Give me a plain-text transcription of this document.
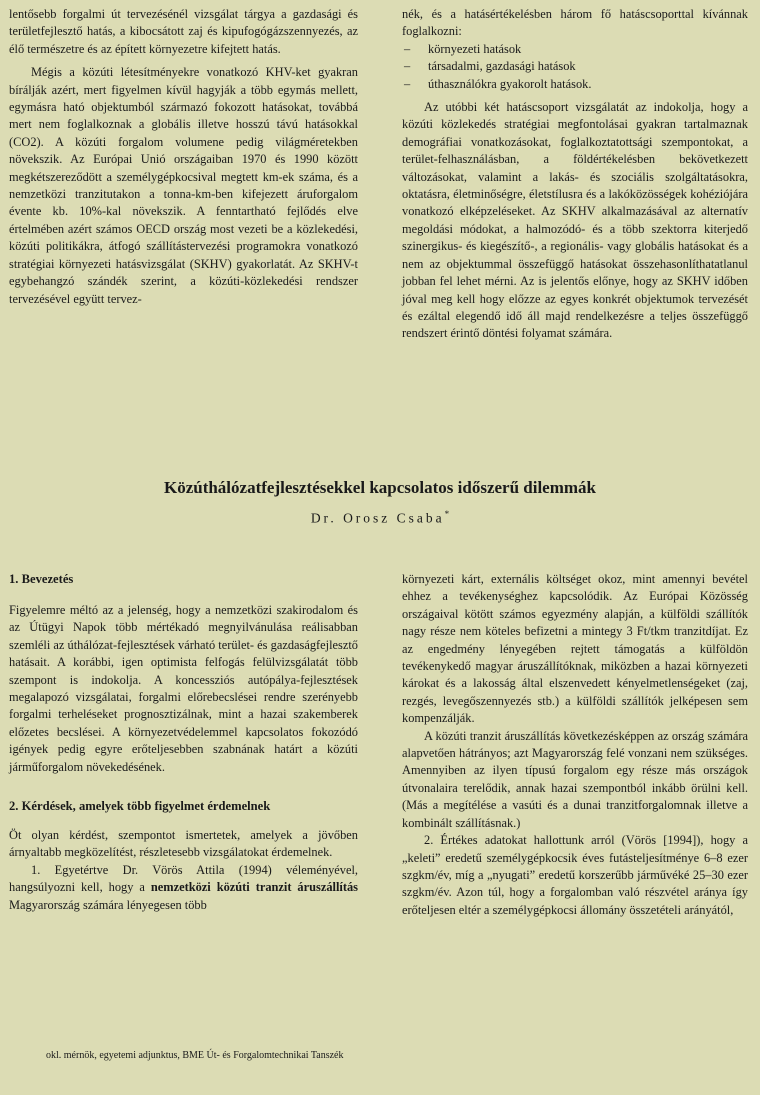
lentősebb forgalmi út tervezésénél vizsgálat tárgya a gazdasági és területfejlesztő hatás, a kibocsátott zaj és kipufogógázszennyezés, az élő természetre és az épített környezetre kifejtett hatás.

Mégis a közúti létesítményekre vonatkozó KHV-ket gyakran bírálják azért, mert figyelmen kívül hagyják a több egymás mellett, egymásra ható objektumból származó fokozott hatásokat, továbbá mert nem foglalkoznak a globális illetve hosszú távú hatásokkal (CO2). A közúti forgalom volumene pedig világméretekben növekszik. Az Európai Unió országaiban 1970 és 1990 között megkétszereződött a személygépkocsival megtett km-ek száma, és a nemzetközi tranzitutakon a tonna-km-ben kifejezett áruforgalom évente kb. 10%-kal növekszik. A fenntartható fejlődés elve értelmében azért számos OECD ország most vezeti be a közlekedési, közúti politikákra, átfogó szállítástervezési programokra vonatkozó stratégiai környezeti hatásvizsgálat (SKHV) gyakorlatát. Az SKHV-t egybehangzó szándék szerint, a közúti-közlekedési rendszer tervezésével együtt tervez-

nék, és a hatásértékelésben három fő hatáscsoporttal kívánnak foglalkozni:

– környezeti hatások
– társadalmi, gazdasági hatások
– úthasználókra gyakorolt hatások.

Az utóbbi két hatáscsoport vizsgálatát az indokolja, hogy a közúti közlekedés stratégiai megfontolásai gyakran tartalmaznak demográfiai vonatkozásokat, foglalkoztatottsági szempontokat, a terület-felhasználásban, a földértékelésben bekövetkezett változásokat, valamint a lakás- és szociális szolgáltatásokra, oktatásra, életminőségre, életstílusra és a lakóközösségek kohéziójára vonatkozó elképzeléseket. Az SKHV alkalmazásával az alternatív megoldási módokat, a halmozódó- és a több szektorra kiterjedő szinergikus- és kiegészítő-, a regionális- vagy globális hatásokat és a nem az objektummal összefüggő hatásokat összehasonlíthatatlanul jobban fel lehet mérni. Az is jelentős előnye, hogy az SKHV időben jóval meg kell hogy előzze az egyes konkrét objektumok tervezését és ezáltal elegendő idő áll majd rendelkezésre a teljes összefüggő rendszert érintő döntési folyamat számára.

Közúthálózatfejlesztésekkel kapcsolatos időszerű dilemmák
Dr. Orosz Csaba*
1. Bevezetés

Figyelemre méltó az a jelenség, hogy a nemzetközi szakirodalom és az Útügyi Napok több mértékadó megnyilvánulása reálisabban szemléli az úthálózat-fejlesztések várható terület- és gazdaságfejlesztő hatásait. A korábbi, igen optimista felfogás felülvizsgálatát több szempont is indokolja. A koncessziós autópálya-fejlesztések megalapozó vizsgálatai, forgalmi előrebecslései rendre szerényebb forgalmi terheléseket prognosztizálnak, mint a hazai szakemberek előzetes becslései. A környezetvédelemmel kapcsolatos fokozódó igények pedig egyre erőteljesebben szabnának határt a közúti járműforgalom növekedésének.

2. Kérdések, amelyek több figyelmet érdemelnek

Öt olyan kérdést, szempontot ismertetek, amelyek a jövőben árnyaltabb megközelítést, részletesebb vizsgálatokat érdemelnek.

1. Egyetértve Dr. Vörös Attila (1994) véleményével, hangsúlyozni kell, hogy a nemzetközi közúti tranzit áruszállítás Magyarország számára lényegesen több

környezeti kárt, externális költséget okoz, mint amennyi bevétel ehhez a tevékenységhez kapcsolódik. Az Európai Közösség országaival kötött számos egyezmény alapján, a külföldi szállítók nagy része nem köteles befizetni a mintegy 3 Ft/tkm tranzitdíjat. Ez az engedmény lényegében rejtett támogatás a külföldön tevékenykedő magyar áruszállítóknak, miközben a hazai környezeti károkat és a lakosság által elszenvedett kényelmetlenségeket (zaj, rezgés, levegőszennyezés stb.) a külföldi szállítók jelképesen sem kompenzálják.

A közúti tranzit áruszállítás következésképpen az ország számára alapvetően hátrányos; azt Magyarország felé vonzani nem szükséges. Amennyiben az ilyen típusú forgalom egy része más országok útvonalaira terelődik, annak hazai szempontból inkább örülni kell. (Más a megítélése a vasúti és a dunai tranzitforgalomnak illetve a kombinált szállításnak.)

2. Értékes adatokat hallottunk arról (Vörös [1994]), hogy a „keleti” eredetű személygépkocsik éves futásteljesítménye 6–8 ezer szgkm/év, míg a „nyugati” eredetű korszerűbb járművéké 25–30 ezer szgkm/év. Azon túl, hogy a forgalomban való részvétel aránya így erőteljesen eltér a személygépkocsi állomány összetételi arányától,

okl. mérnök, egyetemi adjunktus, BME Út- és Forgalomtechnikai Tanszék
